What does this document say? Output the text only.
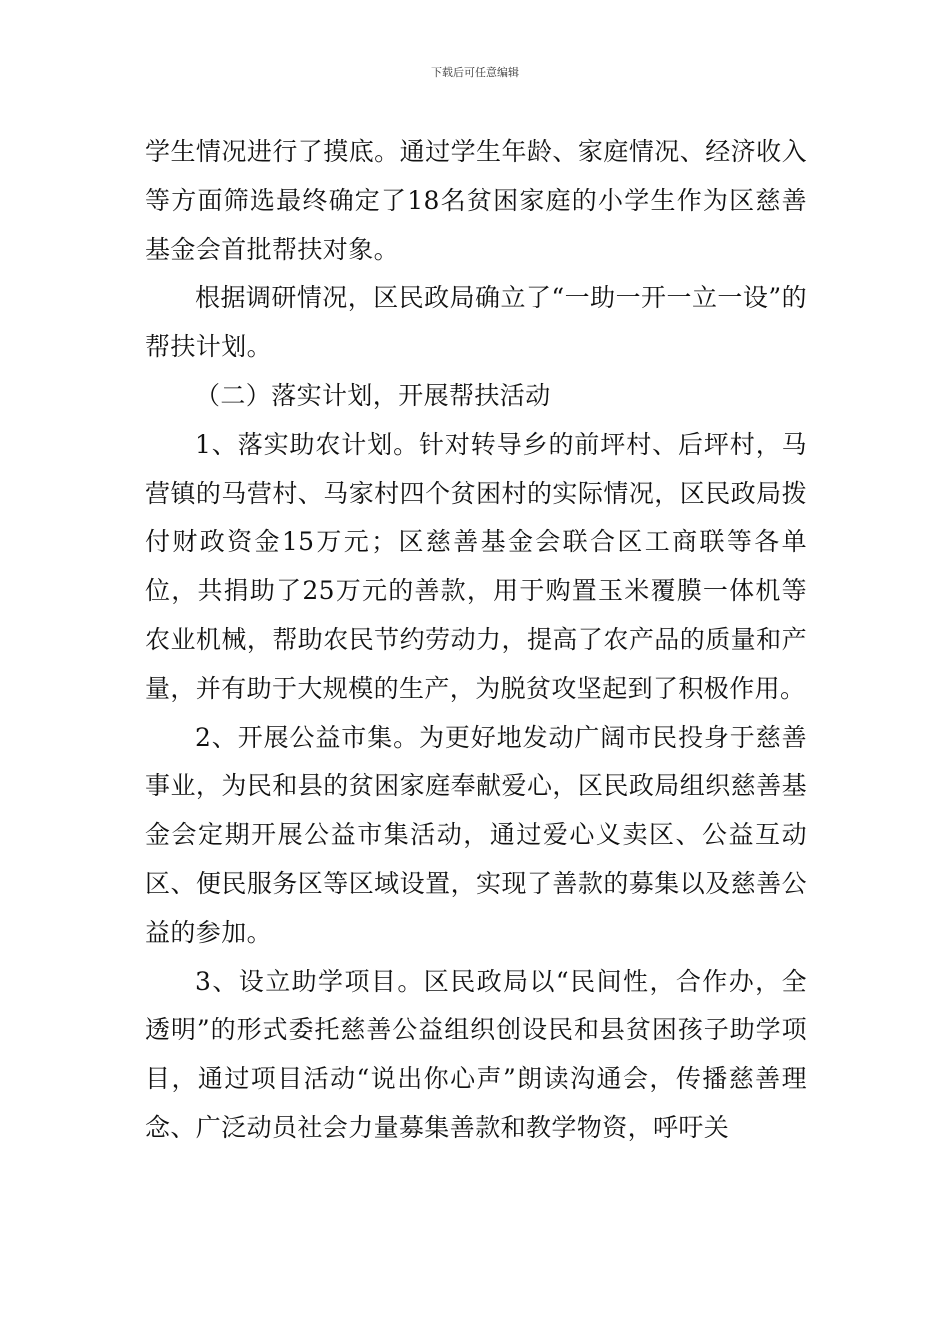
下载后可任意编辑

学生情况进行了摸底。通过学生年龄、家庭情况、经济收入等方面筛选最终确定了18名贫困家庭的小学生作为区慈善基金会首批帮扶对象。

根据调研情况，区民政局确立了“一助一开一立一设”的帮扶计划。

（二）落实计划，开展帮扶活动

1、落实助农计划。针对转导乡的前坪村、后坪村，马营镇的马营村、马家村四个贫困村的实际情况，区民政局拨付财政资金15万元；区慈善基金会联合区工商联等各单位，共捐助了25万元的善款，用于购置玉米覆膜一体机等农业机械，帮助农民节约劳动力，提高了农产品的质量和产量，并有助于大规模的生产，为脱贫攻坚起到了积极作用。

2、开展公益市集。为更好地发动广阔市民投身于慈善事业，为民和县的贫困家庭奉献爱心，区民政局组织慈善基金会定期开展公益市集活动，通过爱心义卖区、公益互动区、便民服务区等区域设置，实现了善款的募集以及慈善公益的参加。

3、设立助学项目。区民政局以“民间性，合作办，全透明”的形式委托慈善公益组织创设民和县贫困孩子助学项目，通过项目活动“说出你心声”朗读沟通会，传播慈善理念、广泛动员社会力量募集善款和教学物资，呼吁关
